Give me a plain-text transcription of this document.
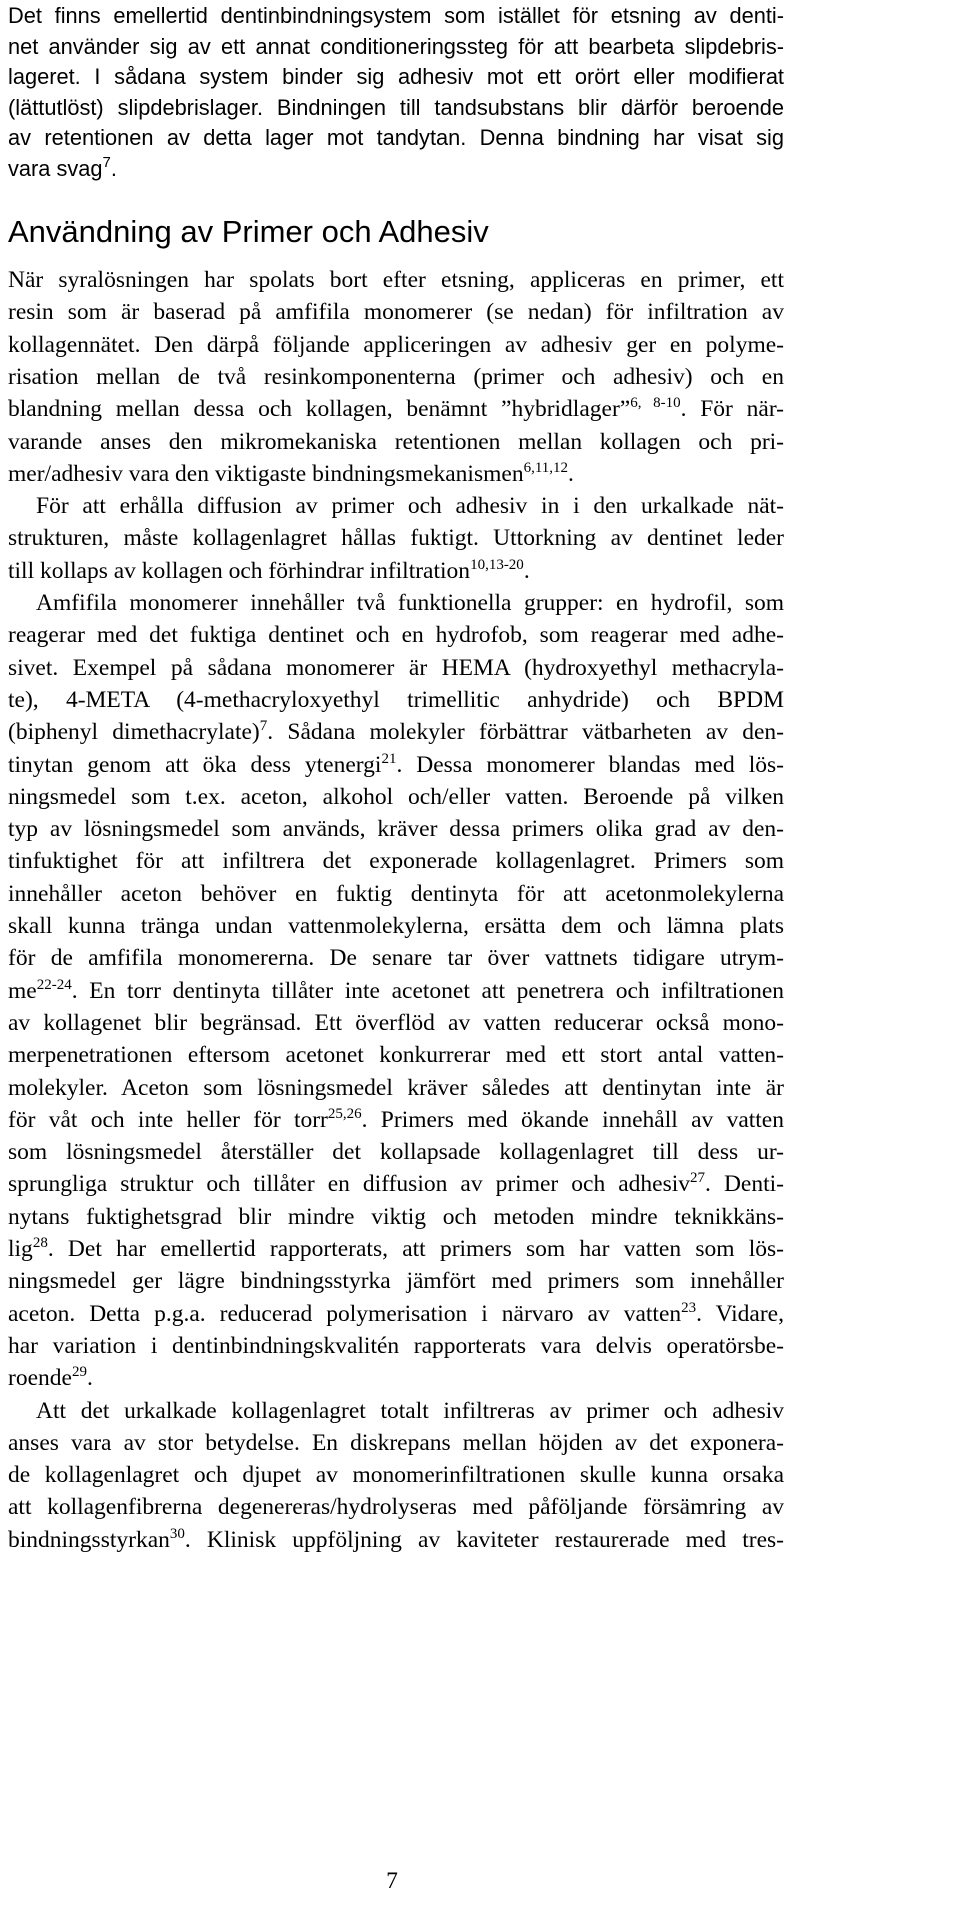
Det finns emellertid dentinbindningsystem som istället för etsning av denti-
net använder sig av ett annat conditioneringssteg för att bearbeta slipdebris-
lageret. I sådana system binder sig adhesiv mot ett orört eller modifierat
(lättutlöst) slipdebrislager. Bindningen till tandsubstans blir därför beroende
av retentionen av detta lager mot tandytan. Denna bindning har visat sig
vara svag$^7$.
Användning av Primer och Adhesiv
När syralösningen har spolats bort efter etsning, appliceras en primer, ett
resin som är baserad på amfifila monomerer (se nedan) för infiltration av
kollagennätet. Den därpå följande appliceringen av adhesiv ger en polyme-
risation mellan de två resinkomponenterna (primer och adhesiv) och en
blandning mellan dessa och kollagen, benämnt ”hybridlager”$^{6, 8-10}$. För när-
varande anses den mikromekaniska retentionen mellan kollagen och pri-
mer/adhesiv vara den viktigaste bindningsmekanismen$^{6,11,12}$.
För att erhålla diffusion av primer och adhesiv in i den urkalkade nät-
strukturen, måste kollagenlagret hållas fuktigt. Uttorkning av dentinet leder
till kollaps av kollagen och förhindrar infiltration$^{10,13-20}$.
Amfifila monomerer innehåller två funktionella grupper: en hydrofil, som
reagerar med det fuktiga dentinet och en hydrofob, som reagerar med adhe-
sivet. Exempel på sådana monomerer är HEMA (hydroxyethyl methacryla-
te), 4-META (4-methacryloxyethyl trimellitic anhydride) och BPDM
(biphenyl dimethacrylate)$^7$. Sådana molekyler förbättrar vätbarheten av den-
tinytan genom att öka dess ytenergi$^{21}$. Dessa monomerer blandas med lös-
ningsmedel som t.ex. aceton, alkohol och/eller vatten. Beroende på vilken
typ av lösningsmedel som används, kräver dessa primers olika grad av den-
tinfuktighet för att infiltrera det exponerade kollagenlagret. Primers som
innehåller aceton behöver en fuktig dentinyta för att acetonmolekylerna
skall kunna tränga undan vattenmolekylerna, ersätta dem och lämna plats
för de amfifila monomererna. De senare tar över vattnets tidigare utrym-
$me^{22-24}$. En torr dentinyta tillåter inte acetonet att penetrera och infiltrationen
av kollagenet blir begränsad. Ett överflöd av vatten reducerar också mono-
merpenetrationen eftersom acetonet konkurrerar med ett stort antal vatten-
molekyler. Aceton som lösningsmedel kräver således att dentinytan inte är
för våt och inte heller för torr$^{25,26}$. Primers med ökande innehåll av vatten
som lösningsmedel återställer det kollapsade kollagenlagret till dess ur-
sprungliga struktur och tillåter en diffusion av primer och adhesiv$^{27}$. Denti-
nytans fuktighetsgrad blir mindre viktig och metoden mindre teknikkäns-
lig$^{28}$. Det har emellertid rapporterats, att primers som har vatten som lös-
ningsmedel ger lägre bindningsstyrka jämfört med primers som innehåller
aceton. Detta p.g.a. reducerad polymerisation i närvaro av vatten$^{23}$. Vidare,
har variation i dentinbindningskvalitén rapporterats vara delvis operatörsbe-
roende$^{29}$.
Att det urkalkade kollagenlagret totalt infiltreras av primer och adhesiv
anses vara av stor betydelse. En diskrepans mellan höjden av det exponera-
de kollagenlagret och djupet av monomerinfiltrationen skulle kunna orsaka
att kollagenfibrerna degenereras/hydrolyseras med påföljande försämring av
bindningsstyrkan$^{30}$. Klinisk uppföljning av kaviteter restaurerade med tres-
7
